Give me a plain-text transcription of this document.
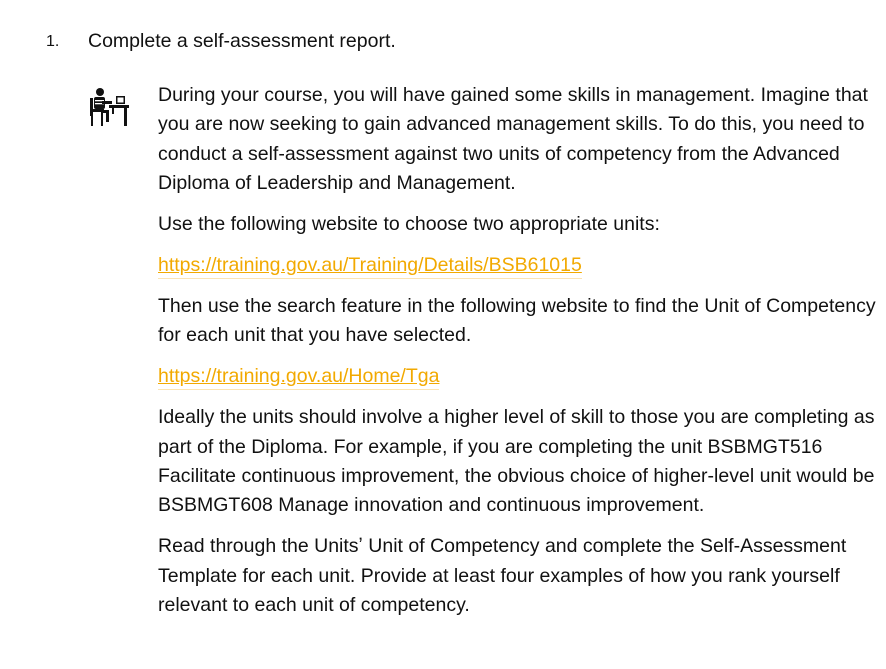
1. Complete a self-assessment report.

During your course, you will have gained some skills in management. Imagine that you are now seeking to gain advanced management skills. To do this, you need to conduct a self-assessment against two units of competency from the Advanced Diploma of Leadership and Management.

Use the following website to choose two appropriate units:

https://training.gov.au/Training/Details/BSB61015

Then use the search feature in the following website to find the Unit of Competency for each unit that you have selected.

https://training.gov.au/Home/Tga

Ideally the units should involve a higher level of skill to those you are completing as part of the Diploma. For example, if you are completing the unit BSBMGT516 Facilitate continuous improvement, the obvious choice of higher-level unit would be BSBMGT608 Manage innovation and continuous improvement.

Read through the Unitsʼ Unit of Competency and complete the Self-Assessment Template for each unit. Provide at least four examples of how you rank yourself relevant to each unit of competency.
